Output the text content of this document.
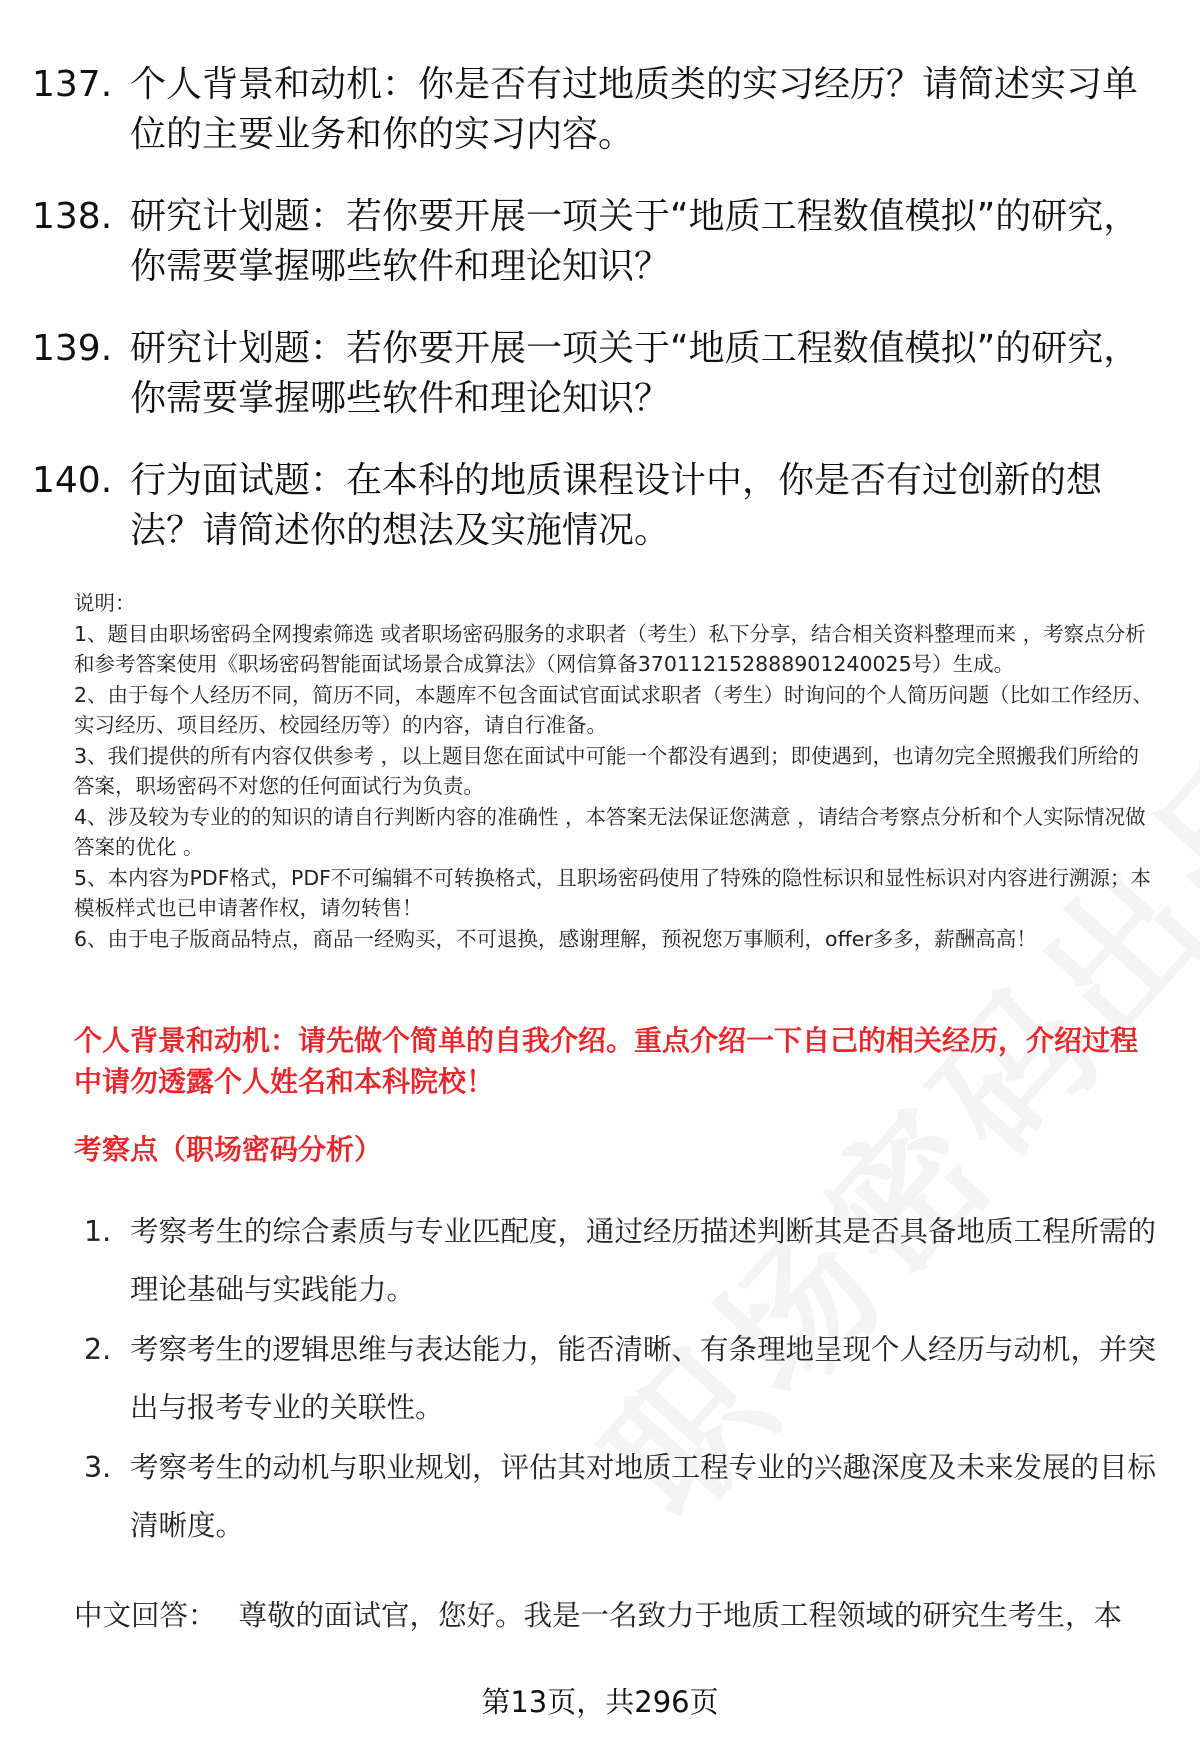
137. 个人背景和动机：你是否有过地质类的实习经历？请简述实习单位的主要业务和你的实习内容。
138. 研究计划题：若你要开展一项关于“地质工程数值模拟”的研究，你需要掌握哪些软件和理论知识？
139. 研究计划题：若你要开展一项关于“地质工程数值模拟”的研究，你需要掌握哪些软件和理论知识？
140. 行为面试题：在本科的地质课程设计中，你是否有过创新的想法？请简述你的想法及实施情况。

说明：

1、题目由职场密码全网搜索筛选 或者职场密码服务的求职者（考生）私下分享，结合相关资料整理而来 ，考察点分析和参考答案使用《职场密码智能面试场景合成算法》（网信算备370112152888901240025号）生成。

2、由于每个人经历不同，简历不同，本题库不包含面试官面试求职者（考生）时询问的个人简历问题（比如工作经历、实习经历、项目经历、校园经历等）的内容，请自行准备。

3、我们提供的所有内容仅供参考 ，以上题目您在面试中可能一个都没有遇到；即使遇到，也请勿完全照搬我们所给的答案，职场密码不对您的任何面试行为负责。

4、涉及较为专业的的知识的请自行判断内容的准确性 ，本答案无法保证您满意 ，请结合考察点分析和个人实际情况做答案的优化 。

5、本内容为PDF格式，PDF不可编辑不可转换格式，且职场密码使用了特殊的隐性标识和显性标识对内容进行溯源；本模板样式也已申请著作权，请勿转售！

6、由于电子版商品特点，商品一经购买，不可退换，感谢理解，预祝您万事顺利，offer多多，薪酬高高！

个人背景和动机：请先做个简单的自我介绍。重点介绍一下自己的相关经历，介绍过程中请勿透露个人姓名和本科院校！
考察点（职场密码分析）
1. 考察考生的综合素质与专业匹配度，通过经历描述判断其是否具备地质工程所需的理论基础与实践能力。
2. 考察考生的逻辑思维与表达能力，能否清晰、有条理地呈现个人经历与动机，并突出与报考专业的关联性。
3. 考察考生的动机与职业规划，评估其对地质工程专业的兴趣深度及未来发展的目标清晰度。
中文回答： 尊敬的面试官，您好。我是一名致力于地质工程领域的研究生考生，本
第13页，共296页
